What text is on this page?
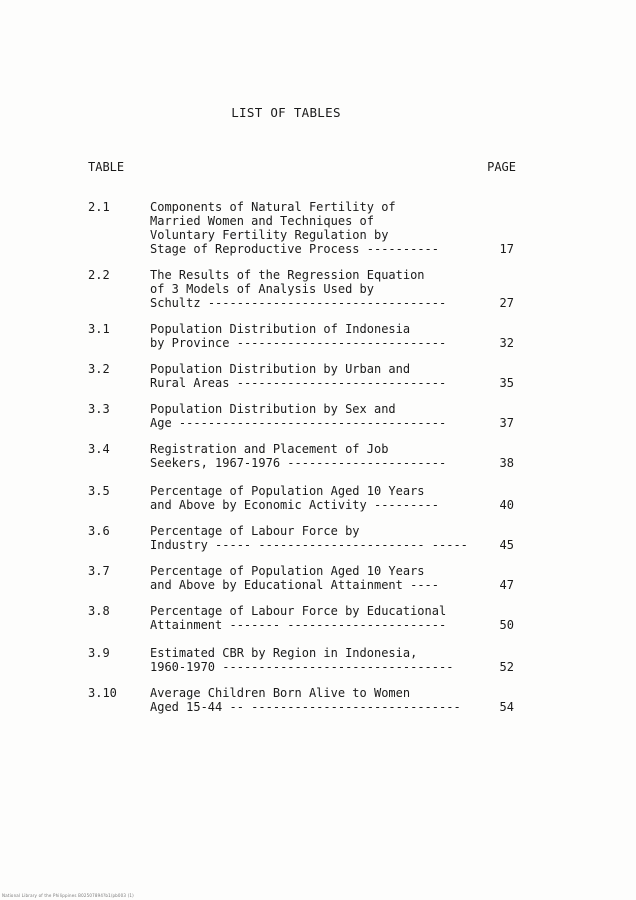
LIST OF TABLES
TABLE	PAGE
2.1	Components of Natural Fertility of
Married Women and Techniques of
Voluntary Fertility Regulation by
Stage of Reproductive Process ----------	17
2.2	The Results of the Regression Equation
of 3 Models of Analysis Used by
Schultz ---------------------------------	27
3.1	Population Distribution of Indonesia
by Province -----------------------------	32
3.2	Population Distribution by Urban and
Rural Areas -----------------------------	35
3.3	Population Distribution by Sex and
Age -------------------------------------	37
3.4	Registration and Placement of Job
Seekers, 1967-1976 ----------------------	38
3.5	Percentage of Population Aged 10 Years
and Above by Economic Activity ---------	40
3.6	Percentage of Labour Force by
Industry ----- ----------------------- -----	45
3.7	Percentage of Population Aged 10 Years
and Above by Educational Attainment ----	47
3.8	Percentage of Labour Force by Educational
Attainment ------- ----------------------	50
3.9	Estimated CBR by Region in Indonesia,
1960-1970 --------------------------------	52
3.10	Average Children Born Alive to Women
Aged 15-44 -- -----------------------------	54
National Library of the Philippines B02507894?b1/pb003 (1)
